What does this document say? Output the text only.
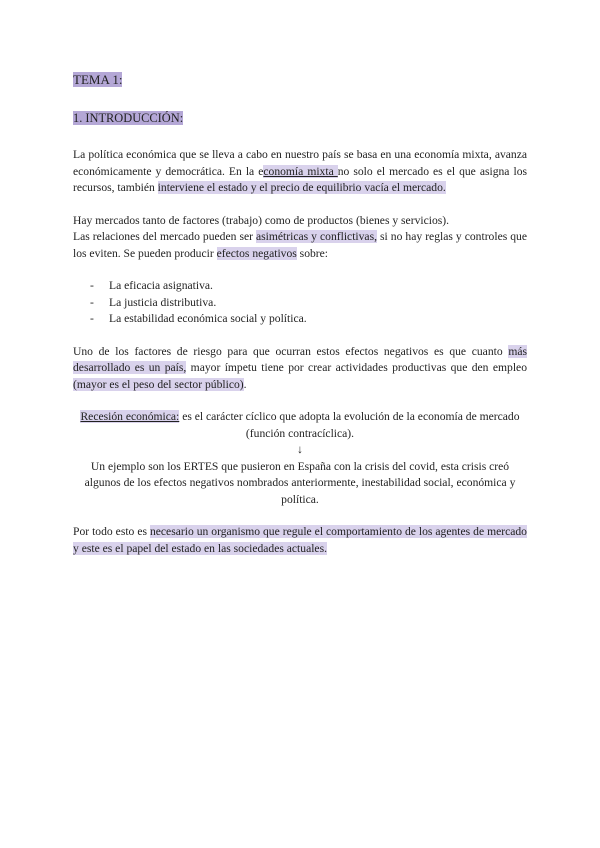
TEMA 1:
1. INTRODUCCIÓN:

La política económica que se lleva a cabo en nuestro país se basa en una economía mixta, avanza económicamente y democrática. En la economía mixta no solo el mercado es el que asigna los recursos, también interviene el estado y el precio de equilibrio vacía el mercado.

Hay mercados tanto de factores (trabajo) como de productos (bienes y servicios).

Las relaciones del mercado pueden ser asimétricas y conflictivas, si no hay reglas y controles que los eviten. Se pueden producir efectos negativos sobre:

- La eficacia asignativa.
- La justicia distributiva.
- La estabilidad económica social y política.

Uno de los factores de riesgo para que ocurran estos efectos negativos es que cuanto más desarrollado es un país, mayor ímpetu tiene por crear actividades productivas que den empleo (mayor es el peso del sector público).

Recesión económica: es el carácter cíclico que adopta la evolución de la economía de mercado (función contracíclica).

↓

Un ejemplo son los ERTES que pusieron en España con la crisis del covid, esta crisis creó algunos de los efectos negativos nombrados anteriormente, inestabilidad social, económica y política.

Por todo esto es necesario un organismo que regule el comportamiento de los agentes de mercado y este es el papel del estado en las sociedades actuales.
